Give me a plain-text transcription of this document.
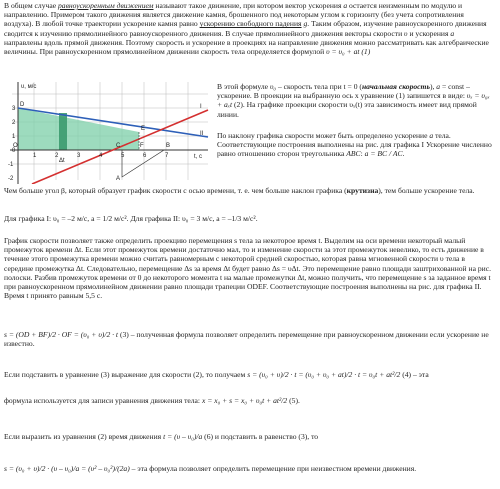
В общем случае равноускоренным движением называют такое движение, при котором вектор ускорения a остается неизменным по модулю и направлению. Примером такого движения является движение камня, брошенного под некоторым углом к горизонту (без учета сопротивления воздуха). В любой точке траектории ускорение камня равно ускорению свободного падения g. Таким образом, изучение равноускоренного движения сводится к изучению прямолинейного равноускоренного движения. В случае прямолинейного движения векторы скорости υ и ускорения a направлены вдоль прямой движения. Поэтому скорость и ускорение в проекциях на направление движения можно рассматривать как алгебраические величины. При равноускоренном прямолинейном движении скорость тела определяется формулой υ = υ₀ + at (1)

υ, м/с
t, с
3
2
1
0
-1
-2
1	2	3	4	5	6	7
I
II
A
B
C
D
E
F
O
Δt

В этой формуле υ₀ – скорость тела при t = 0 (начальная скорость), a = const – ускорение. В проекции на выбранную ось x уравнение (1) запишется в виде: υₓ = υ₀ₓ + aₓt (2). На графике проекции скорости υₓ(t) эта зависимость имеет вид прямой линии.

По наклону графика скорости может быть определено ускорение a тела. Соответствующие построения выполнены на рис. для графика I Ускорение численно равно отношению сторон треугольника ABC: a = BC / AC.

Чем больше угол β, который образует график скорости с осью времени, т. е. чем больше наклон графика (крутизна), тем больше ускорение тела.

Для графика I: υ₀ = –2 м/с, a = 1/2 м/с². Для графика II: υ₀ = 3 м/с, a = –1/3 м/с².

График скорости позволяет также определить проекцию перемещения s тела за некоторое время t. Выделим на оси времени некоторый малый промежуток времени Δt. Если этот промежуток времени достаточно мал, то и изменение скорости за этот промежуток невелико, то есть движение в течение этого промежутка времени можно считать равномерным с некоторой средней скоростью, которая равна мгновенной скорости υ тела в середине промежутка Δt. Следовательно, перемещение Δs за время Δt будет равно Δs = υΔt. Это перемещение равно площади заштрихованной на рис. полоски. Разбив промежуток времени от 0 до некоторого момента t на малые промежутки Δt, можно получить, что перемещение s за заданное время t при равноускоренном прямолинейном движении равно площади трапеции ODEF. Соответствующие построения выполнены на рис. для графика II. Время t принято равным 5,5 с.

s = (OD + BF)/2 · OF = (υ₀ + υ)/2 · t (3) – полученная формула позволяет определить перемещение при равноускоренном движении если ускорение не известно.

Если подставить в уравнение (3) выражение для скорости (2), то получаем s = (υ₀ + υ)/2 · t = (υ₀ + υ₀ + at)/2 · t = υ₀t + at²/2 (4) – эта

формула используется для записи уравнения движения тела: x = x₀ + s = x₀ + υ₀t + at²/2 (5).

Если выразить из уравнения (2) время движения t = (υ – υ₀)/a (6) и подставить в равенство (3), то

s = (υ₀ + υ)/2 · (υ – υ₀)/a = (υ² – υ₀²)/(2a) – эта формула позволяет определить перемещение при неизвестном времени движения.
